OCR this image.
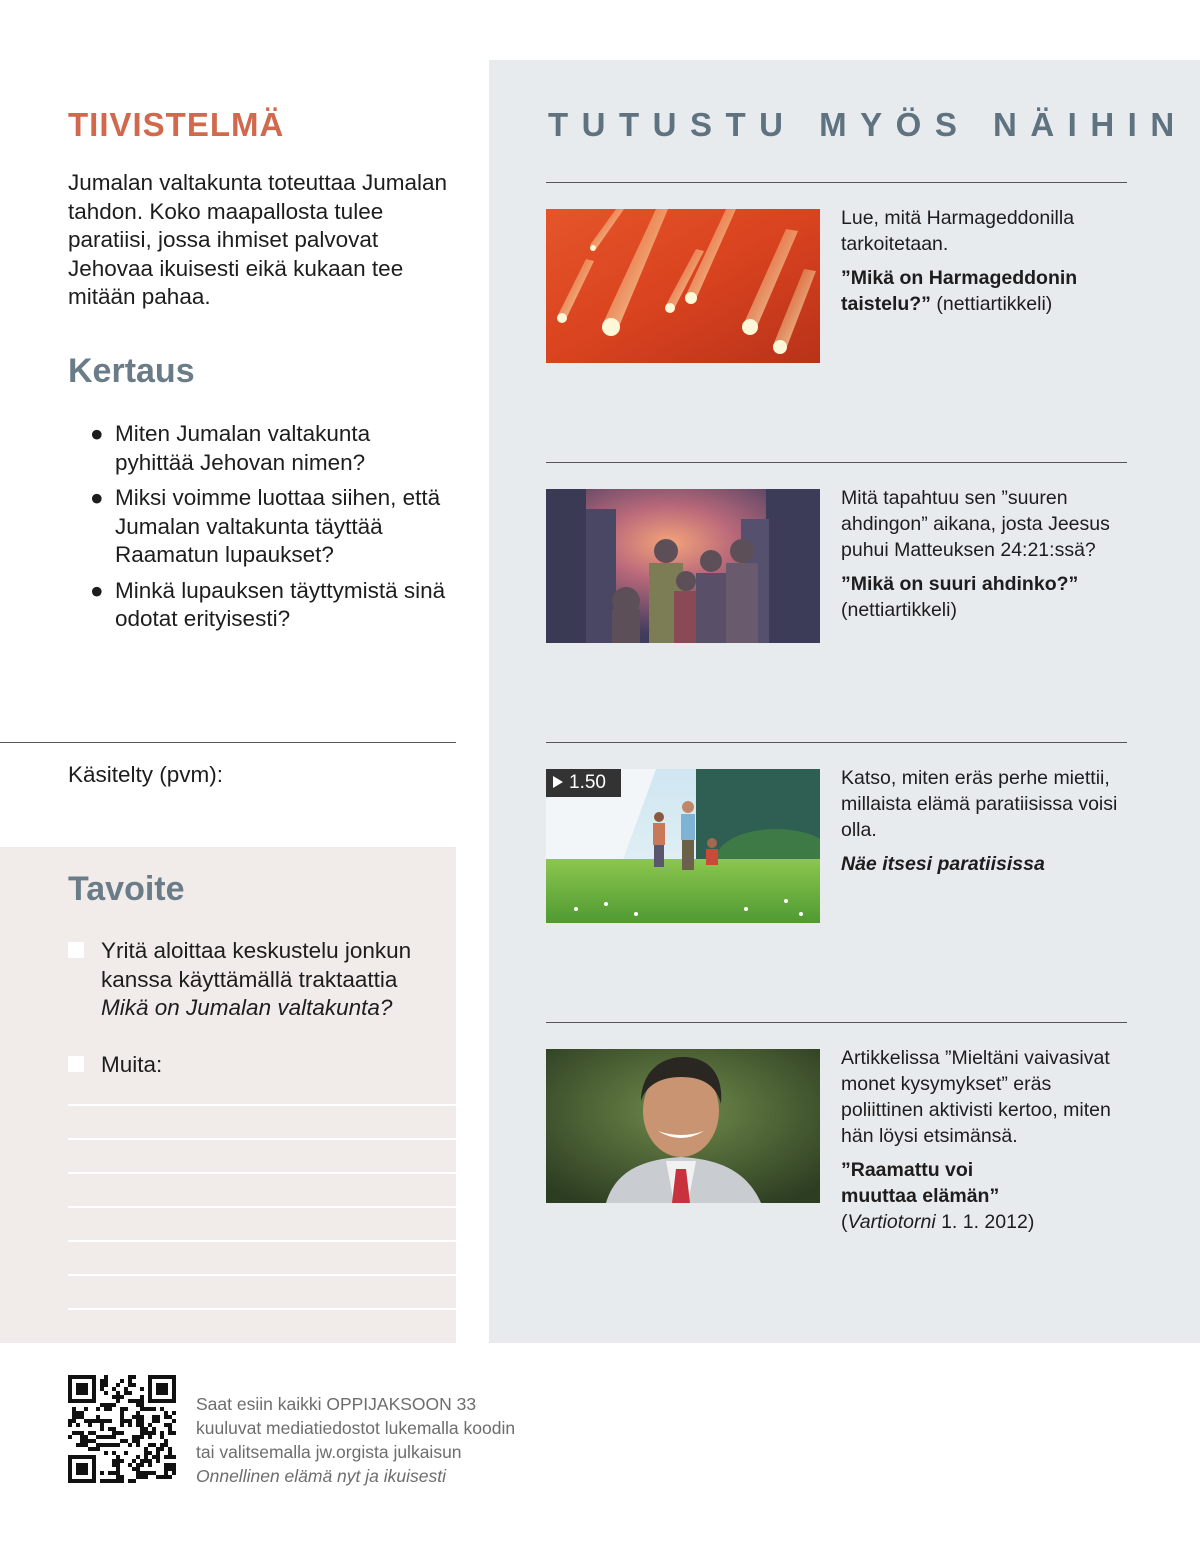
TIIVISTELMÄ

Jumalan valtakunta toteuttaa Jumalan tahdon. Koko maapallosta tulee paratiisi, jossa ihmiset palvovat Jehovaa ikuisesti eikä kukaan tee mitään pahaa.

Kertaus
● Miten Jumalan valtakunta pyhittää Jehovan nimen?
● Miksi voimme luottaa siihen, että Jumalan valtakunta täyttää Raamatun lupaukset?
● Minkä lupauksen täyttymistä sinä odotat erityisesti?
Käsitelty (pvm):
Tavoite
Yritä aloittaa keskustelu jonkun kanssa käyttämällä traktaattia Mikä on Jumalan valtakunta?
Muita:
TUTUSTU MYÖS NÄIHIN
Lue, mitä Harmageddonilla tarkoitetaan.
”Mikä on Harmageddonin taistelu?” (nettiartikkeli)
Mitä tapahtuu sen ”suuren ahdingon” aikana, josta Jeesus puhui Matteuksen 24:21:ssä?
”Mikä on suuri ahdinko?” (nettiartikkeli)
1.50	Katso, miten eräs perhe miettii, millaista elämä paratiisissa voisi olla.
Näe itsesi paratiisissa
Artikkelissa ”Mieltäni vaivasivat monet kysymykset” eräs poliittinen aktivisti kertoo, miten hän löysi etsimänsä.
”Raamattu voi muuttaa elämän”
(Vartiotorni 1. 1. 2012)
Saat esiin kaikki OPPIJAKSOON 33
kuuluvat mediatiedostot lukemalla koodin
tai valitsemalla jw.orgista julkaisun
Onnellinen elämä nyt ja ikuisesti
